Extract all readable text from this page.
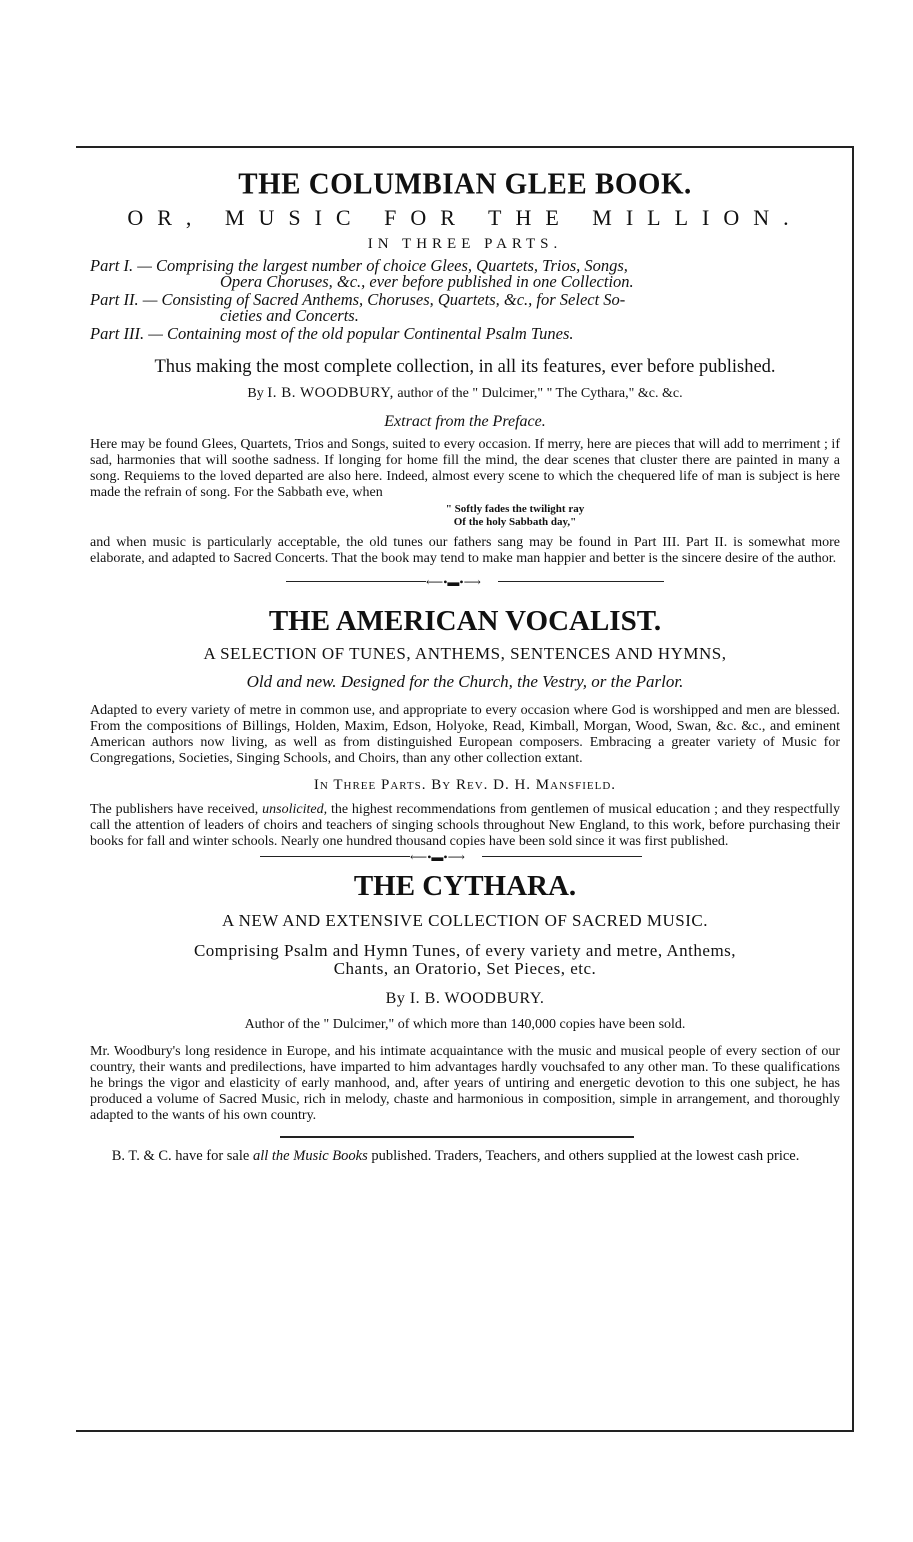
THE COLUMBIAN GLEE BOOK.
OR, MUSIC FOR THE MILLION.
IN THREE PARTS.

Part I. — Comprising the largest number of choice Glees, Quartets, Trios, Songs,
Opera Choruses, &c., ever before published in one Collection.

Part II. — Consisting of Sacred Anthems, Choruses, Quartets, &c., for Select So-
cieties and Concerts.

Part III. — Containing most of the old popular Continental Psalm Tunes.

Thus making the most complete collection, in all its features, ever before published.
By I. B. WOODBURY, author of the " Dulcimer," " The Cythara," &c. &c.
Extract from the Preface.

Here may be found Glees, Quartets, Trios and Songs, suited to every occasion. If merry, here are pieces that will add to merriment ; if sad, harmonies that will soothe sadness. If longing for home fill the mind, the dear scenes that cluster there are painted in many a song. Requiems to the loved departed are also here. Indeed, almost every scene to which the chequered life of man is subject is here made the refrain of song. For the Sabbath eve, when

" Softly fades the twilight ray
Of the holy Sabbath day,"

and when music is particularly acceptable, the old tunes our fathers sang may be found in Part III. Part II. is somewhat more elaborate, and adapted to Sacred Concerts. That the book may tend to make man happier and better is the sincere desire of the author.

⟵•▬•⟶
THE AMERICAN VOCALIST.
A SELECTION OF TUNES, ANTHEMS, SENTENCES AND HYMNS,
Old and new. Designed for the Church, the Vestry, or the Parlor.

Adapted to every variety of metre in common use, and appropriate to every occasion where God is worshipped and men are blessed. From the compositions of Billings, Holden, Maxim, Edson, Holyoke, Read, Kimball, Morgan, Wood, Swan, &c. &c., and eminent American authors now living, as well as from distinguished European composers. Embracing a greater variety of Music for Congregations, Societies, Singing Schools, and Choirs, than any other collection extant.

In Three Parts. By Rev. D. H. Mansfield.

The publishers have received, unsolicited, the highest recommendations from gentlemen of musical education ; and they respectfully call the attention of leaders of choirs and teachers of singing schools throughout New England, to this work, before purchasing their books for fall and winter schools. Nearly one hundred thousand copies have been sold since it was first published.

⟵•▬•⟶
THE CYTHARA.
A NEW AND EXTENSIVE COLLECTION OF SACRED MUSIC.
Comprising Psalm and Hymn Tunes, of every variety and metre, Anthems,
Chants, an Oratorio, Set Pieces, etc.
By I. B. WOODBURY.
Author of the " Dulcimer," of which more than 140,000 copies have been sold.

Mr. Woodbury's long residence in Europe, and his intimate acquaintance with the music and musical people of every section of our country, their wants and predilections, have imparted to him advantages hardly vouchsafed to any other man. To these qualifications he brings the vigor and elasticity of early manhood, and, after years of untiring and energetic devotion to this one subject, he has produced a volume of Sacred Music, rich in melody, chaste and harmonious in composition, simple in arrangement, and thoroughly adapted to the wants of his own country.

B. T. & C. have for sale all the Music Books published. Traders, Teachers, and others supplied at the lowest cash price.
